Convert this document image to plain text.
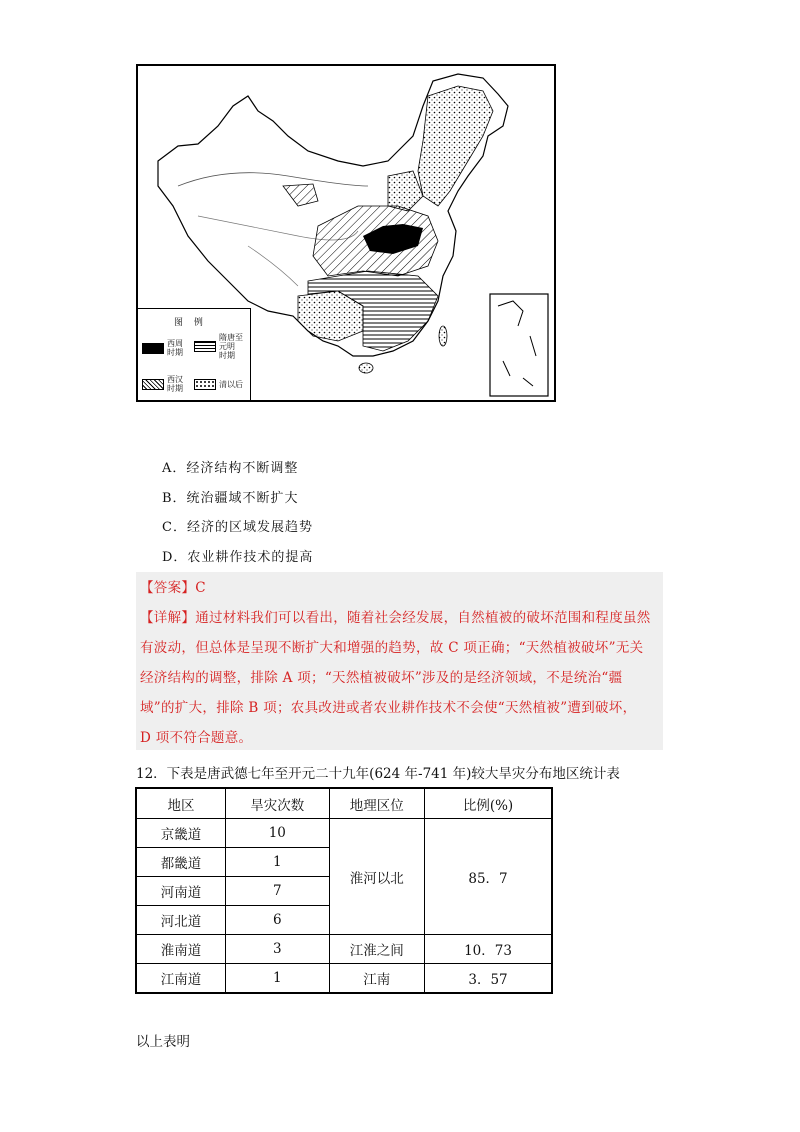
图 例
西周 时期
隋唐至
元明
时期
西汉
时期	清以后
A．经济结构不断调整
B．统治疆域不断扩大
C．经济的区域发展趋势
D．农业耕作技术的提高
【答案】C
【详解】通过材料我们可以看出，随着社会经发展，自然植被的破坏范围和程度虽然
有波动，但总体是呈现不断扩大和增强的趋势，故 C 项正确；“天然植被破坏”无关
经济结构的调整，排除 A 项；“天然植被破坏”涉及的是经济领域，不是统治“疆
域”的扩大，排除 B 项；农具改进或者农业耕作技术不会使“天然植被”遭到破坏，
D 项不符合题意。
12．下表是唐武德七年至开元二十九年(624 年-741 年)较大旱灾分布地区统计表
地区	旱灾次数	地理区位	比例(%)
京畿道	10	淮河以北	85．7
都畿道	1		
河南道	7		
河北道	6		
淮南道	3	江淮之间	10．73
江南道	1	江南	3．57
以上表明
